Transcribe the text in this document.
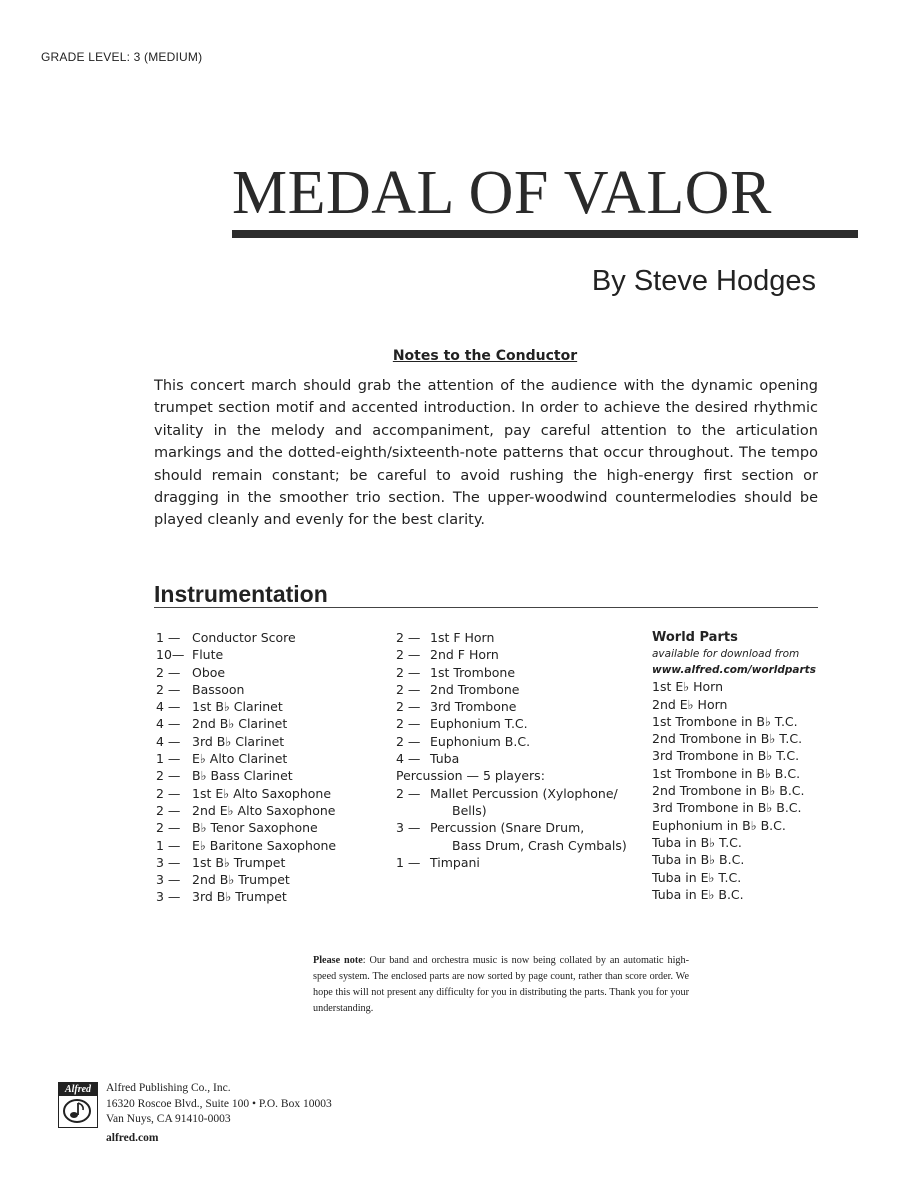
GRADE LEVEL: 3 (MEDIUM)
MEDAL OF VALOR
By Steve Hodges
Notes to the Conductor
This concert march should grab the attention of the audience with the dynamic opening trumpet section motif and accented introduction. In order to achieve the desired rhythmic vitality in the melody and accompaniment, pay careful attention to the articulation markings and the dotted-eighth/sixteenth-note patterns that occur throughout. The tempo should remain constant; be careful to avoid rushing the high-energy first section or dragging in the smoother trio section. The upper-woodwind countermelodies should be played cleanly and evenly for the best clarity.
Instrumentation
1 — Conductor Score
10— Flute
2 — Oboe
2 — Bassoon
4 — 1st B♭ Clarinet
4 — 2nd B♭ Clarinet
4 — 3rd B♭ Clarinet
1 — E♭ Alto Clarinet
2 — B♭ Bass Clarinet
2 — 1st E♭ Alto Saxophone
2 — 2nd E♭ Alto Saxophone
2 — B♭ Tenor Saxophone
1 — E♭ Baritone Saxophone
3 — 1st B♭ Trumpet
3 — 2nd B♭ Trumpet
3 — 3rd B♭ Trumpet
2 — 1st F Horn
2 — 2nd F Horn
2 — 1st Trombone
2 — 2nd Trombone
2 — 3rd Trombone
2 — Euphonium T.C.
2 — Euphonium B.C.
4 — Tuba
Percussion — 5 players:
2 — Mallet Percussion (Xylophone/
Bells)
3 — Percussion (Snare Drum,
Bass Drum, Crash Cymbals)
1 — Timpani
World Parts
available for download from
www.alfred.com/worldparts
1st E♭ Horn
2nd E♭ Horn
1st Trombone in B♭ T.C.
2nd Trombone in B♭ T.C.
3rd Trombone in B♭ T.C.
1st Trombone in B♭ B.C.
2nd Trombone in B♭ B.C.
3rd Trombone in B♭ B.C.
Euphonium in B♭ B.C.
Tuba in B♭ T.C.
Tuba in B♭ B.C.
Tuba in E♭ T.C.
Tuba in E♭ B.C.
Please note: Our band and orchestra music is now being collated by an automatic high-speed system. The enclosed parts are now sorted by page count, rather than score order. We hope this will not present any difficulty for you in distributing the parts. Thank you for your understanding.
Alfred	Alfred Publishing Co., Inc.
16320 Roscoe Blvd., Suite 100 • P.O. Box 10003
Van Nuys, CA 91410-0003
alfred.com
